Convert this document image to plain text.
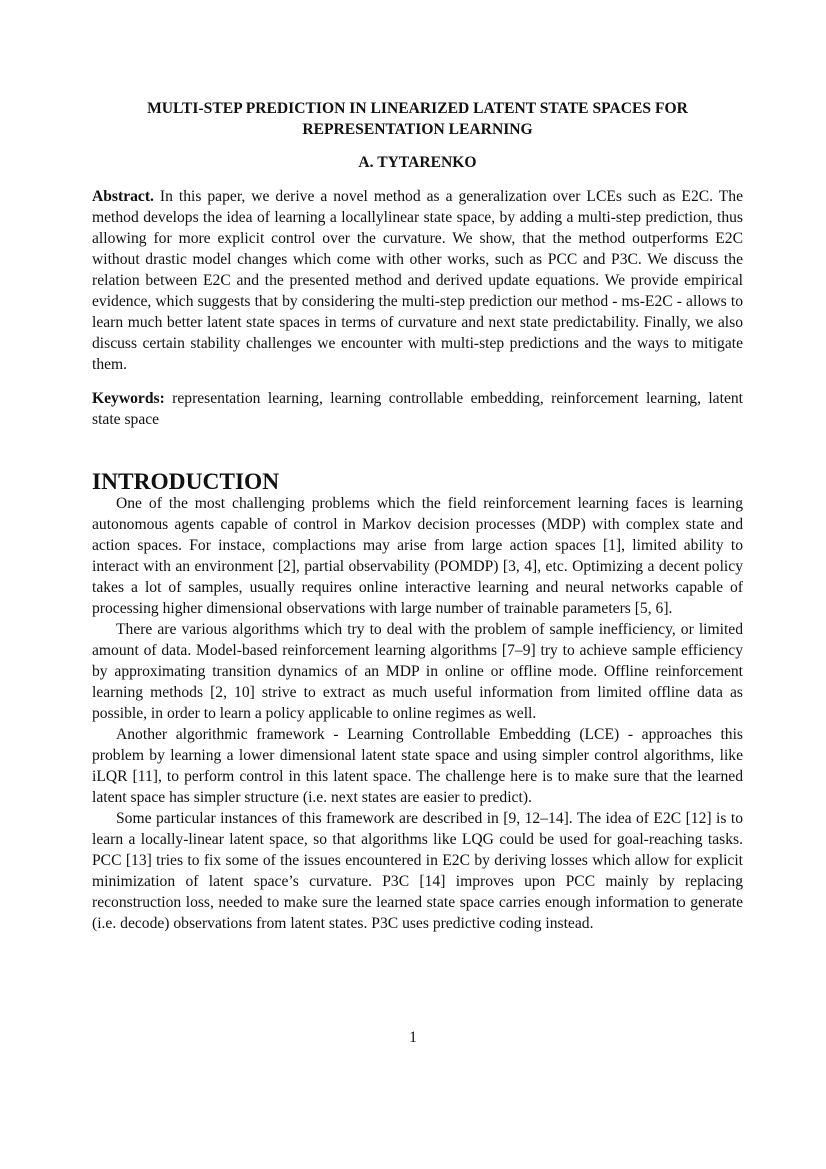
MULTI-STEP PREDICTION IN LINEARIZED LATENT STATE SPACES FOR
REPRESENTATION LEARNING
A. TYTARENKO

Abstract. In this paper, we derive a novel method as a generalization over LCEs such as E2C. The method develops the idea of learning a locallylinear state space, by adding a multi-step prediction, thus allowing for more explicit control over the curvature. We show, that the method outperforms E2C without drastic model changes which come with other works, such as PCC and P3C. We discuss the relation between E2C and the presented method and derived update equations. We provide empirical evidence, which suggests that by considering the multi-step prediction our method - ms-E2C - allows to learn much better latent state spaces in terms of curvature and next state predictability. Finally, we also discuss certain stability challenges we encounter with multi-step predictions and the ways to mitigate them.

Keywords: representation learning, learning controllable embedding, reinforcement learning, latent state space

INTRODUCTION

One of the most challenging problems which the field reinforcement learning faces is learning autonomous agents capable of control in Markov decision processes (MDP) with complex state and action spaces. For instace, complactions may arise from large action spaces [1], limited ability to interact with an environment [2], partial observability (POMDP) [3, 4], etc. Optimizing a decent policy takes a lot of samples, usually requires online interactive learning and neural networks capable of processing higher dimensional observations with large number of trainable parameters [5, 6].

There are various algorithms which try to deal with the problem of sample inefficiency, or limited amount of data. Model-based reinforcement learning algorithms [7–9] try to achieve sample efficiency by approximating transition dynamics of an MDP in online or offline mode. Offline reinforcement learning methods [2, 10] strive to extract as much useful information from limited offline data as possible, in order to learn a policy applicable to online regimes as well.

Another algorithmic framework - Learning Controllable Embedding (LCE) - approaches this problem by learning a lower dimensional latent state space and using simpler control algorithms, like iLQR [11], to perform control in this latent space. The challenge here is to make sure that the learned latent space has simpler structure (i.e. next states are easier to predict).

Some particular instances of this framework are described in [9, 12–14]. The idea of E2C [12] is to learn a locally-linear latent space, so that algorithms like LQG could be used for goal-reaching tasks. PCC [13] tries to fix some of the issues encountered in E2C by deriving losses which allow for explicit minimization of latent space’s curvature. P3C [14] improves upon PCC mainly by replacing reconstruction loss, needed to make sure the learned state space carries enough information to generate (i.e. decode) observations from latent states. P3C uses predictive coding instead.

1
